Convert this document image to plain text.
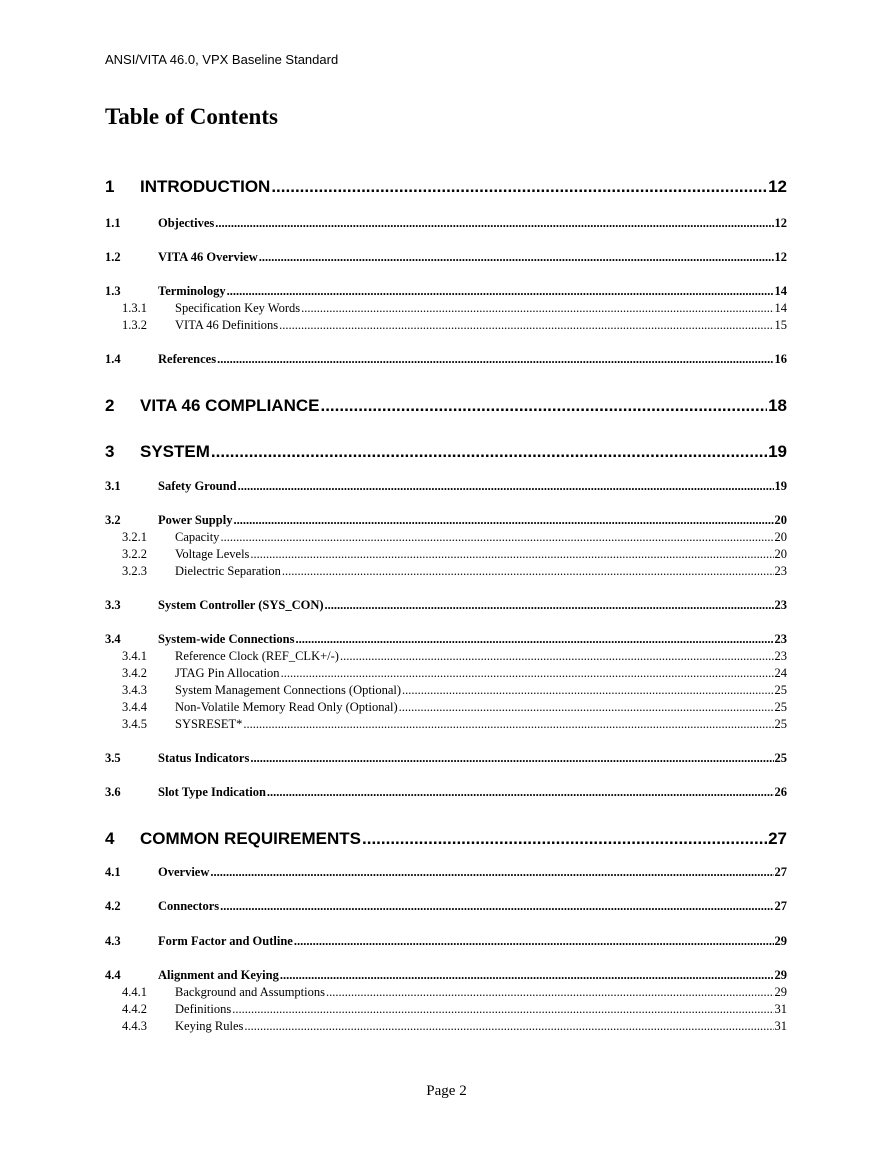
ANSI/VITA 46.0, VPX Baseline Standard
Table of Contents
1	INTRODUCTION .....	12
1.1	Objectives .....	12
1.2	VITA 46 Overview .....	12
1.3	Terminology .....	14
1.3.1	Specification Key Words .....	14
1.3.2	VITA 46 Definitions .....	15
1.4	References .....	16
2	VITA 46 COMPLIANCE .....	18
3	SYSTEM .....	19
3.1	Safety Ground .....	19
3.2	Power Supply .....	20
3.2.1	Capacity .....	20
3.2.2	Voltage Levels .....	20
3.2.3	Dielectric Separation .....	23
3.3	System Controller (SYS_CON) .....	23
3.4	System-wide Connections .....	23
3.4.1	Reference Clock (REF_CLK+/-) .....	23
3.4.2	JTAG Pin Allocation .....	24
3.4.3	System Management Connections (Optional) .....	25
3.4.4	Non-Volatile Memory Read Only (Optional) .....	25
3.4.5	SYSRESET* .....	25
3.5	Status Indicators .....	25
3.6	Slot Type Indication .....	26
4	COMMON REQUIREMENTS .....	27
4.1	Overview .....	27
4.2	Connectors .....	27
4.3	Form Factor and Outline .....	29
4.4	Alignment and Keying .....	29
4.4.1	Background and Assumptions .....	29
4.4.2	Definitions .....	31
4.4.3	Keying Rules .....	31
Page 2
